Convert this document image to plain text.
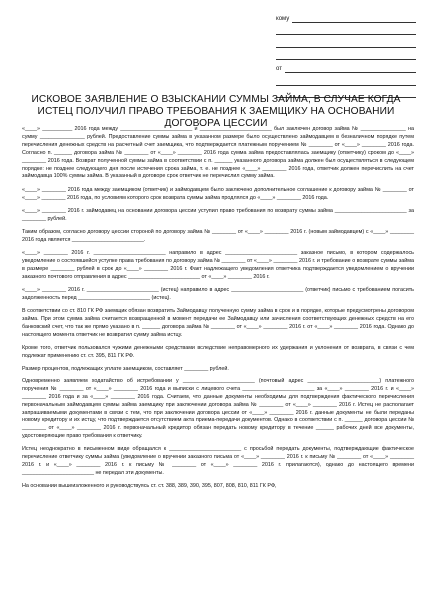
кому
от
ИСКОВОЕ ЗАЯВЛЕНИЕ О ВЗЫСКАНИИ СУММЫ ЗАЙМА, В СЛУЧАЕ КОГДА ИСТЕЦ ПОЛУЧИЛ ПРАВО ТРЕБОВАНИЯ К ЗАЕМЩИКУ НА ОСНОВАНИИ ДОГОВОРА ЦЕССИИ

«____» __________ 2016 года между ________________________ и ________________________ был заключен договор займа № _______________ на сумму _______________ рублей. Предоставление суммы займа в указанном размере было осуществлено займодавцем в безналичном порядке путем перечисления денежных средств на расчетный счет заемщика, что подтверждается платежным поручением № ________ от «____» ________ 2016 года. Согласно п. ______ договора займа № ________ от «____» ________ 2016 года сумма займа предоставлялась заемщику (ответчику) сроком до «____» ________ 2016 года. Возврат полученной суммы займа в соответствии с п. ______ указанного договора займа должен был осуществляться в следующем порядке: не позднее следующего дня после истечения срока займа, т. е. не позднее «____» ________ 2016 года, ответчик должен перечислить на счет займодавца 100% суммы займа. В указанный в договоре срок ответчик не перечислил сумму займа.

«____» ________ 2016 года между заемщиком (ответчик) и займодавцем было заключено дополнительное соглашение к договору займа № ________ от «____» ________ 2016 года, по условиям которого срок возврата суммы займа продлялся до «____» ________ 2016 года.

«____» ________ 2016 г. займодавец на основании договора цессии уступил право требования по возврату суммы займа ________________________ за ________ рублей.

Таким образом, согласно договору цессии стороной по договору займа № ________ от «____» ________ 2016 г. (новым займодавцем) с «____» ________ 2016 года является ________________________.

«____» ________ 2016 г. ________________________ направило в адрес ________________________ заказное письмо, в котором содержалось уведомление о состоявшейся уступке права требования по договору займа № ________ от «____» ________ 2016 г. и требование о возврате суммы займа в размере ________ рублей в срок до «____» ________ 2016 г. Факт надлежащего уведомления ответчика подтверждается уведомлением о вручении заказного почтового отправления в адрес ________________________ от «____» ________ 2016 г.

«____» ________ 2016 г. ________________________ (истец) направило в адрес ________________________ (ответчик) письмо с требованием погасить задолженность перед ________________________ (истец).

В соответствии со ст. 810 ГК РФ заемщик обязан возвратить Займодавцу полученную сумму займа в срок и в порядке, которые предусмотрены договором займа. При этом сумма займа считается возвращенной в момент передачи ее Займодавцу или зачисления соответствующих денежных средств на его банковский счет, что так же прямо указано в п. ______ договора займа № ________ от «____» ________ 2016 г. от «____» ________ 2016 года. Однако до настоящего момента ответчик не возвратил сумму займа истцу.

Кроме того, ответчик пользовался чужими денежными средствами вследствие неправомерного их удержания и уклонения от возврата, в связи с чем подлежат применению ст. ст. 395, 811 ГК РФ.

Размер процентов, подлежащих уплате заемщиком, составляет ________ рублей.

Одновременно заявляем ходатайство об истребовании у ________________________ (почтовый адрес ________________________) платежного поручения № ________ от «____» ________ 2016 года и выписки с лицевого счета ________________________ за «____» ________ 2016 г. и «____» ________ 2016 года и за «____» ________ 2016 года. Считаем, что данные документы необходимы для подтверждения фактического перечисления первоначальным займодавцем суммы займа заемщику при заключении договора займа № ________ от «____» ________ 2016 г. Истец не располагает запрашиваемыми документами в связи с тем, что при заключении договора цессии от «____» ________ 2016 г. данные документы не были переданы новому кредитору и их истцу, что подтверждается отсутствием акта приема-передачи документов. Однако в соответствии с п. ______ договора цессии № ________ от «____» ________ 2016 г. первоначальный кредитор обязан передать новому кредитору в течение ______ рабочих дней все документы, удостоверяющие право требования к ответчику.

Истец неоднократно в письменном виде обращался к ________________________ с просьбой передать документы, подтверждающие фактическое перечисление ответчику суммы займа (уведомление о вручении заказного письма от «____» ________ 2016 г. к письму № ________ от «____» ________ 2016 г. и «____» ________ 2016 г. к письму № ________ от «____» ________ 2016 г. прилагаются), однако до настоящего времени ________________________ не передал эти документы.

На основании вышеизложенного и руководствуясь ст. ст. 388, 389, 390, 395, 807, 808, 810, 811 ГК РФ,
